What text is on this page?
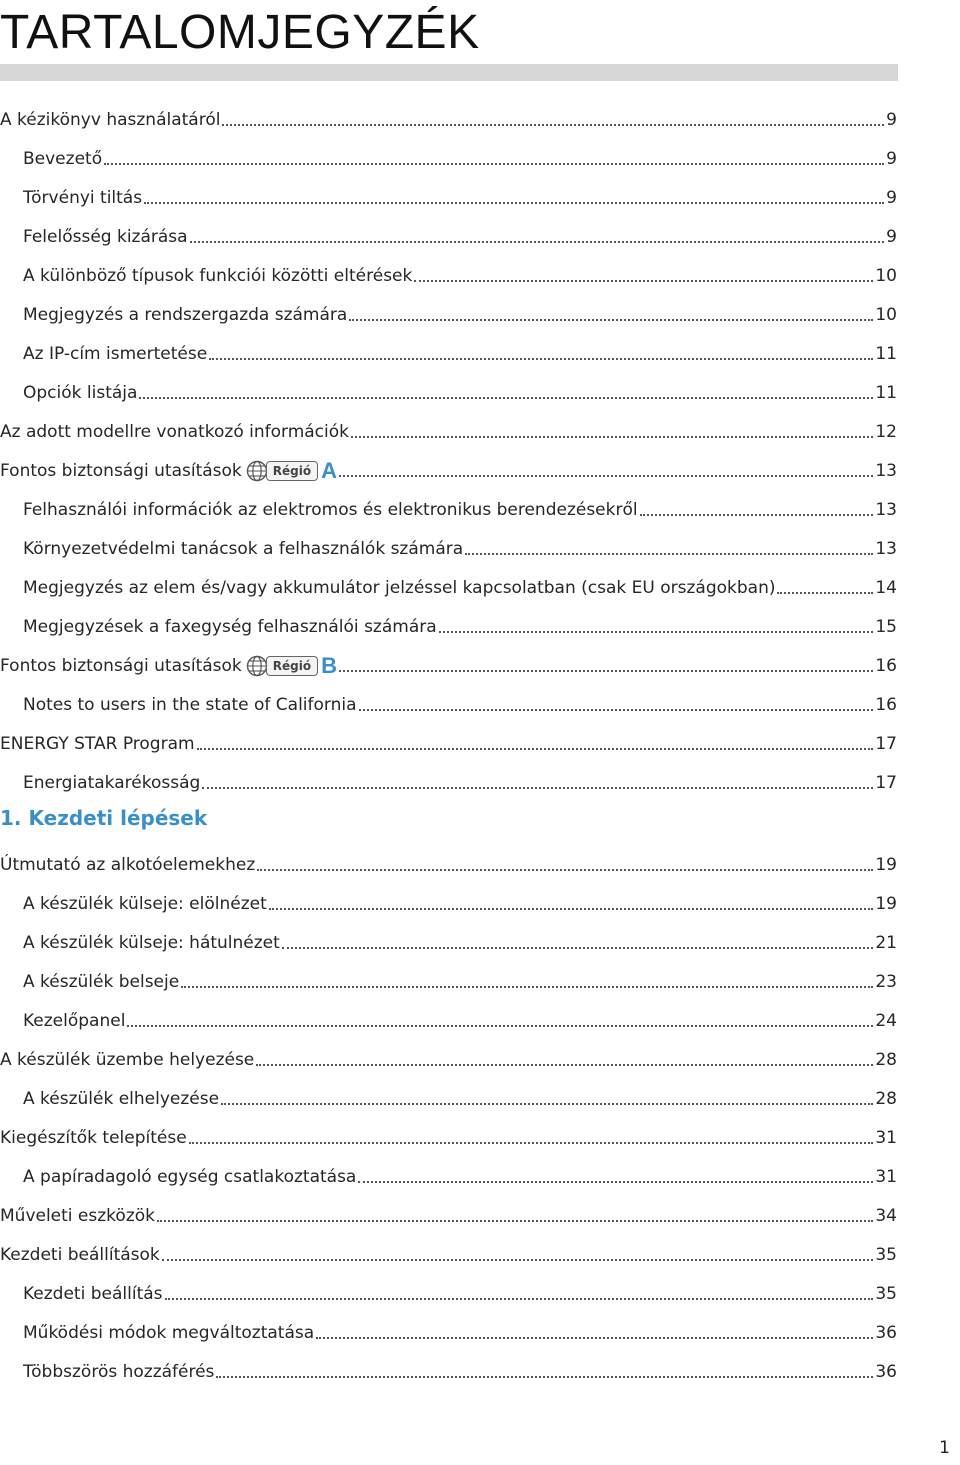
TARTALOMJEGYZÉK
A kézikönyv használatáról	9
Bevezető	9
Törvényi tiltás	9
Felelősség kizárása	9
A különböző típusok funkciói közötti eltérések	10
Megjegyzés a rendszergazda számára	10
Az IP-cím ismertetése	11
Opciók listája	11
Az adott modellre vonatkozó információk	12
Fontos biztonsági utasítások	Régió A	13
Felhasználói információk az elektromos és elektronikus berendezésekről	13
Környezetvédelmi tanácsok a felhasználók számára	13
Megjegyzés az elem és/vagy akkumulátor jelzéssel kapcsolatban (csak EU országokban)	14
Megjegyzések a faxegység felhasználói számára	15
Fontos biztonsági utasítások	Régió B	16
Notes to users in the state of California	16
ENERGY STAR Program	17
Energiatakarékosság	17
1. Kezdeti lépések
Útmutató az alkotóelemekhez	19
A készülék külseje: elölnézet	19
A készülék külseje: hátulnézet	21
A készülék belseje	23
Kezelőpanel	24
A készülék üzembe helyezése	28
A készülék elhelyezése	28
Kiegészítők telepítése	31
A papíradagoló egység csatlakoztatása	31
Műveleti eszközök	34
Kezdeti beállítások	35
Kezdeti beállítás	35
Működési módok megváltoztatása	36
Többszörös hozzáférés	36
1
